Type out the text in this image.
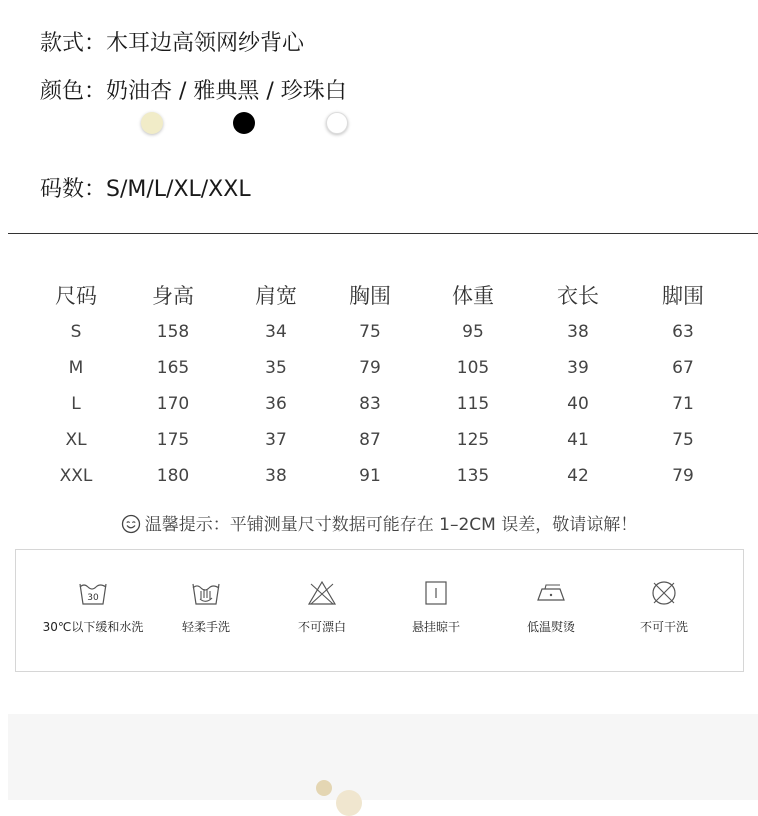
款式：木耳边高领网纱背心
颜色：奶油杏 / 雅典黑 / 珍珠白
码数：S/M/L/XL/XXL
尺码	身高	肩宽	胸围	体重	衣长	脚围
S	158	34	75	95	38	63
M	165	35	79	105	39	67
L	170	36	83	115	40	71
XL	175	37	87	125	41	75
XXL	180	38	91	135	42	79
温馨提示：平铺测量尺寸数据可能存在 1–2CM 误差，敬请谅解！
30
30℃以下缓和水洗	轻柔手洗	不可漂白	悬挂晾干	低温熨烫	不可干洗
